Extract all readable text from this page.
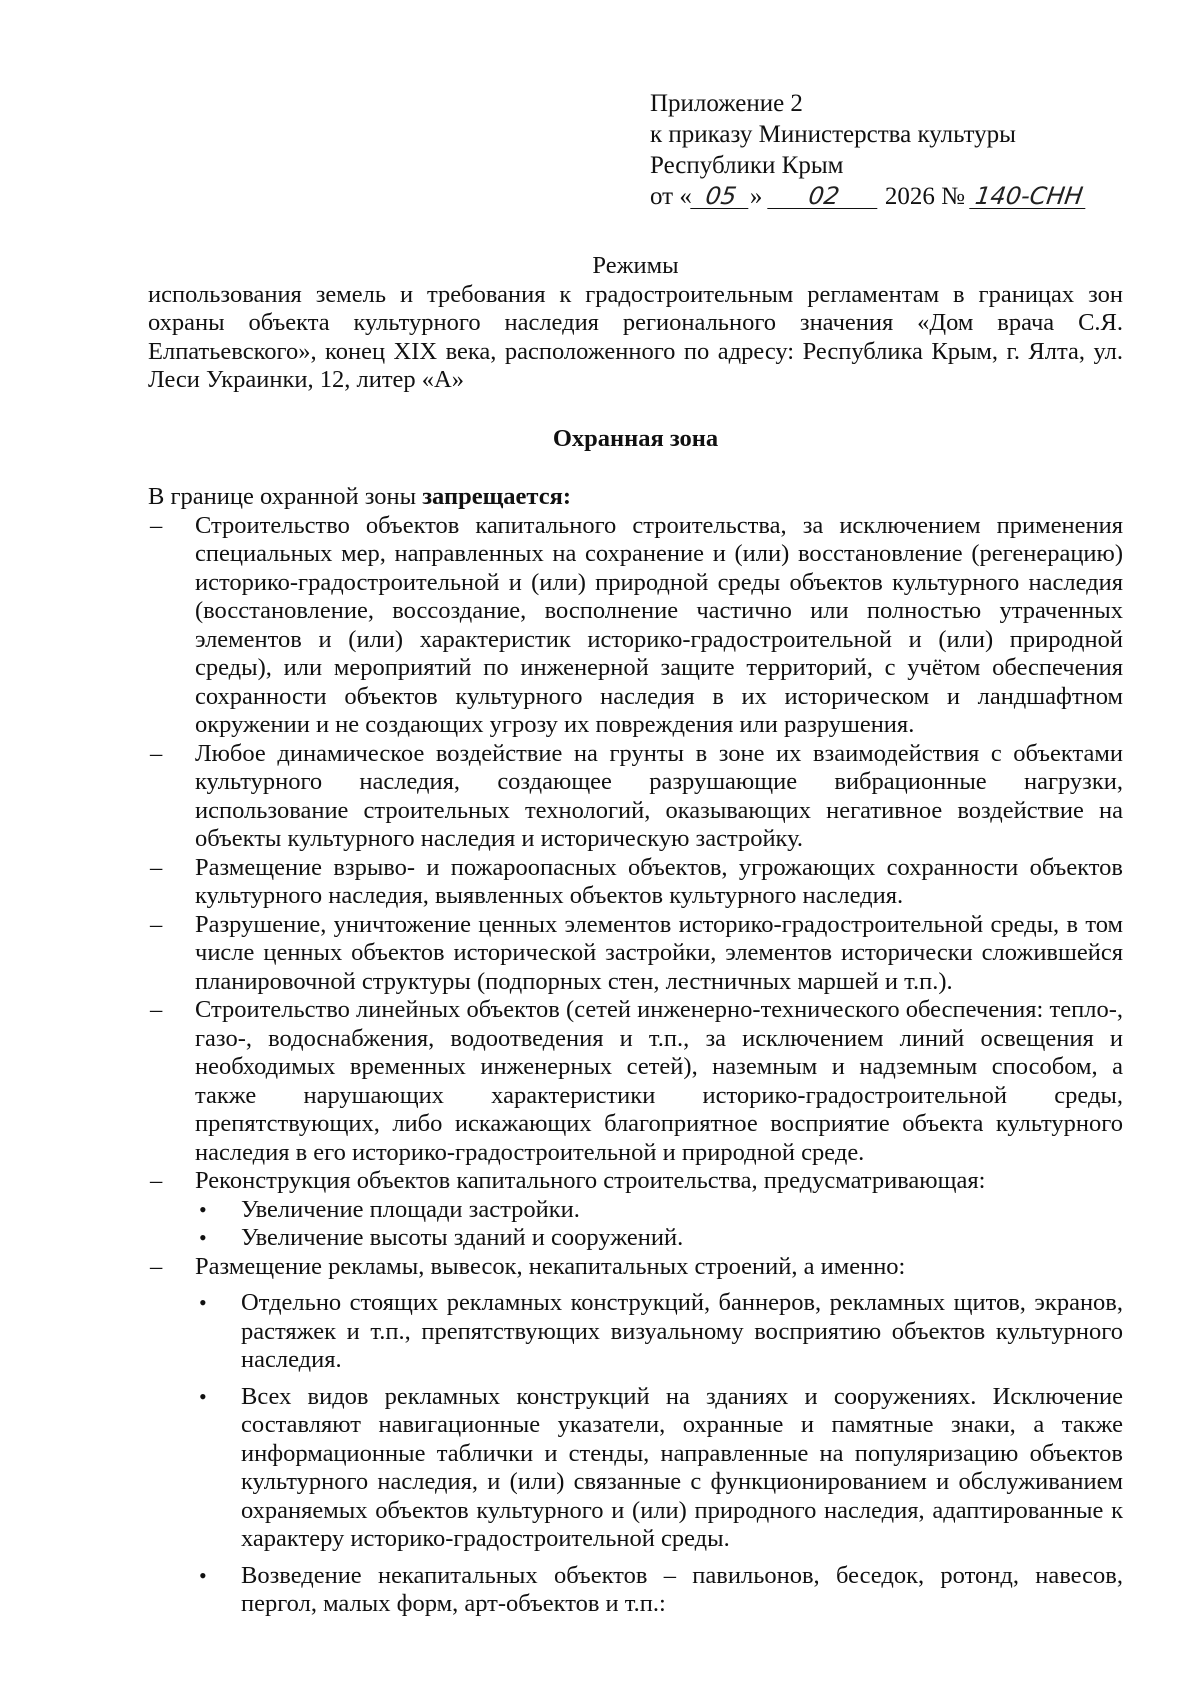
Приложение 2
к приказу Министерства культуры
Республики Крым
от « 05 » 02 2026 № 140-СНН

Режимы

использования земель и требования к градостроительным регламентам в границах зон охраны объекта культурного наследия регионального значения «Дом врача С.Я. Елпатьевского», конец XIX века, расположенного по адресу: Республика Крым, г. Ялта, ул. Леси Украинки, 12, литер «А»

Охранная зона

В границе охранной зоны запрещается:

– Строительство объектов капитального строительства, за исключением применения специальных мер, направленных на сохранение и (или) восстановление (регенерацию) историко-градостроительной и (или) природной среды объектов культурного наследия (восстановление, воссоздание, восполнение частично или полностью утраченных элементов и (или) характеристик историко-градостроительной и (или) природной среды), или мероприятий по инженерной защите территорий, с учётом обеспечения сохранности объектов культурного наследия в их историческом и ландшафтном окружении и не создающих угрозу их повреждения или разрушения.
– Любое динамическое воздействие на грунты в зоне их взаимодействия с объектами культурного наследия, создающее разрушающие вибрационные нагрузки, использование строительных технологий, оказывающих негативное воздействие на объекты культурного наследия и историческую застройку.
– Размещение взрыво- и пожароопасных объектов, угрожающих сохранности объектов культурного наследия, выявленных объектов культурного наследия.
– Разрушение, уничтожение ценных элементов историко-градостроительной среды, в том числе ценных объектов исторической застройки, элементов исторически сложившейся планировочной структуры (подпорных стен, лестничных маршей и т.п.).
– Строительство линейных объектов (сетей инженерно-технического обеспечения: тепло-, газо-, водоснабжения, водоотведения и т.п., за исключением линий освещения и необходимых временных инженерных сетей), наземным и надземным способом, а также нарушающих характеристики историко-градостроительной среды, препятствующих, либо искажающих благоприятное восприятие объекта культурного наследия в его историко-градостроительной и природной среде.
– Реконструкция объектов капитального строительства, предусматривающая:
• Увеличение площади застройки.
• Увеличение высоты зданий и сооружений.
– Размещение рекламы, вывесок, некапитальных строений, а именно:
• Отдельно стоящих рекламных конструкций, баннеров, рекламных щитов, экранов, растяжек и т.п., препятствующих визуальному восприятию объектов культурного наследия.
• Всех видов рекламных конструкций на зданиях и сооружениях. Исключение составляют навигационные указатели, охранные и памятные знаки, а также информационные таблички и стенды, направленные на популяризацию объектов культурного наследия, и (или) связанные с функционированием и обслуживанием охраняемых объектов культурного и (или) природного наследия, адаптированные к характеру историко-градостроительной среды.
• Возведение некапитальных объектов – павильонов, беседок, ротонд, навесов, пергол, малых форм, арт-объектов и т.п.:
